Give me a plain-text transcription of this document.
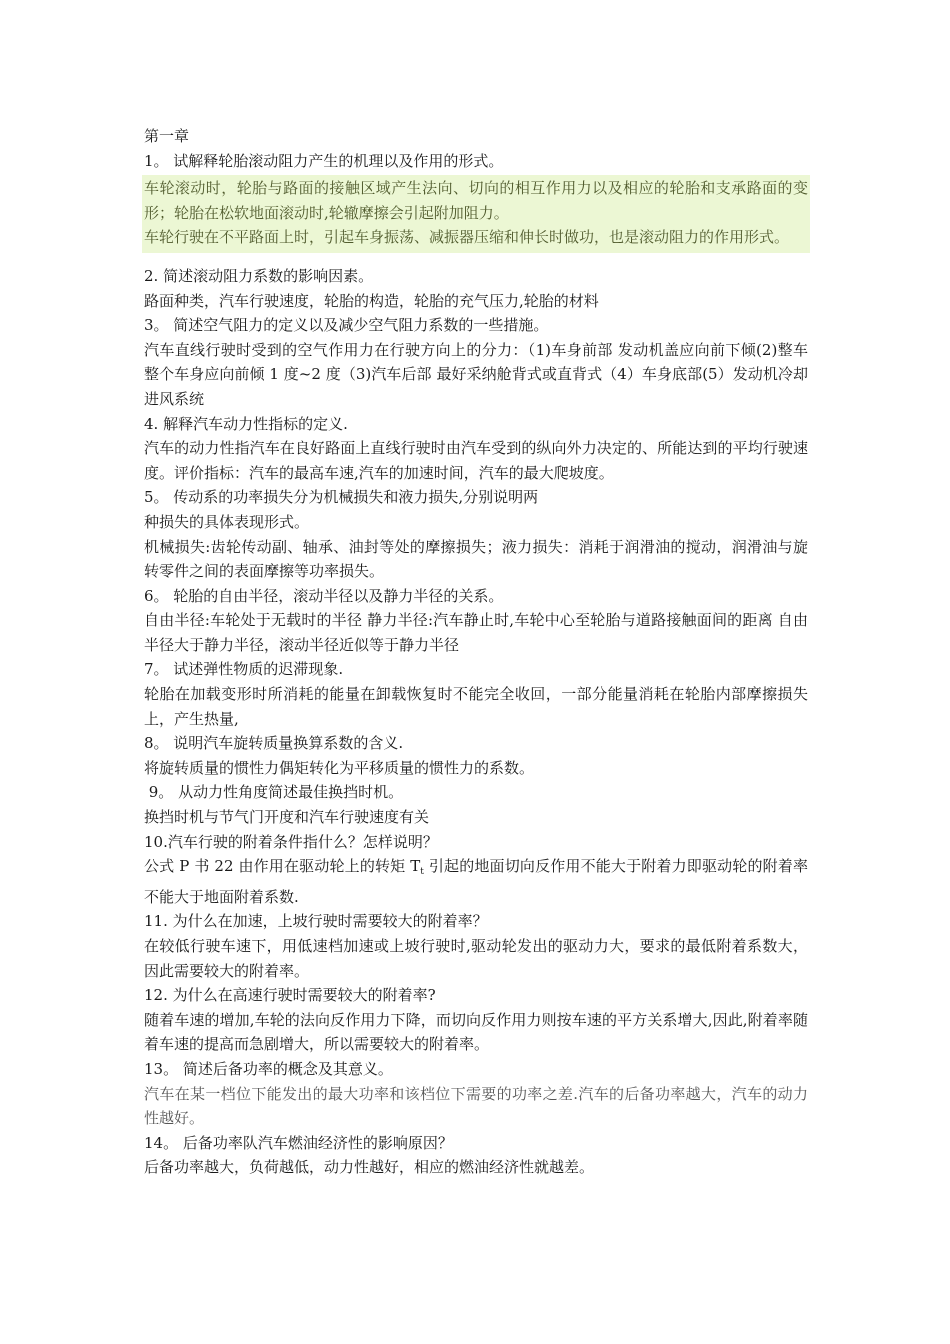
第一章

1。 试解释轮胎滚动阻力产生的机理以及作用的形式。

车轮滚动时，轮胎与路面的接触区域产生法向、切向的相互作用力以及相应的轮胎和支承路面的变形；轮胎在松软地面滚动时,轮辙摩擦会引起附加阻力。

车轮行驶在不平路面上时，引起车身振荡、减振器压缩和伸长时做功，也是滚动阻力的作用形式。

2. 简述滚动阻力系数的影响因素。

路面种类，汽车行驶速度，轮胎的构造，轮胎的充气压力,轮胎的材料

3。 简述空气阻力的定义以及减少空气阻力系数的一些措施。

汽车直线行驶时受到的空气作用力在行驶方向上的分力：（1)车身前部 发动机盖应向前下倾(2)整车 整个车身应向前倾 1 度~2 度（3)汽车后部 最好采纳舱背式或直背式（4）车身底部(5）发动机冷却进风系统

4. 解释汽车动力性指标的定义.

汽车的动力性指汽车在良好路面上直线行驶时由汽车受到的纵向外力决定的、所能达到的平均行驶速度。评价指标：汽车的最高车速,汽车的加速时间，汽车的最大爬坡度。

5。 传动系的功率损失分为机械损失和液力损失,分别说明两

种损失的具体表现形式。

机械损失:齿轮传动副、轴承、油封等处的摩擦损失；液力损失：消耗于润滑油的搅动，润滑油与旋转零件之间的表面摩擦等功率损失。

6。 轮胎的自由半径，滚动半径以及静力半径的关系。

自由半径:车轮处于无载时的半径 静力半径:汽车静止时,车轮中心至轮胎与道路接触面间的距离 自由半径大于静力半径，滚动半径近似等于静力半径

7。 试述弹性物质的迟滞现象.

轮胎在加载变形时所消耗的能量在卸载恢复时不能完全收回，一部分能量消耗在轮胎内部摩擦损失上，产生热量,

8。 说明汽车旋转质量换算系数的含义.

将旋转质量的惯性力偶矩转化为平移质量的惯性力的系数。

9。 从动力性角度简述最佳换挡时机。

换挡时机与节气门开度和汽车行驶速度有关

10.汽车行驶的附着条件指什么？怎样说明？

公式 P 书 22 由作用在驱动轮上的转矩 $T_t$ 引起的地面切向反作用不能大于附着力即驱动轮的附着率不能大于地面附着系数.

11. 为什么在加速，上坡行驶时需要较大的附着率？

在较低行驶车速下，用低速档加速或上坡行驶时,驱动轮发出的驱动力大，要求的最低附着系数大，因此需要较大的附着率。

12. 为什么在高速行驶时需要较大的附着率?

随着车速的增加,车轮的法向反作用力下降，而切向反作用力则按车速的平方关系增大,因此,附着率随着车速的提高而急剧增大，所以需要较大的附着率。

13。 简述后备功率的概念及其意义。

汽车在某一档位下能发出的最大功率和该档位下需要的功率之差.汽车的后备功率越大，汽车的动力性越好。

14。 后备功率队汽车燃油经济性的影响原因？

后备功率越大，负荷越低，动力性越好，相应的燃油经济性就越差。
